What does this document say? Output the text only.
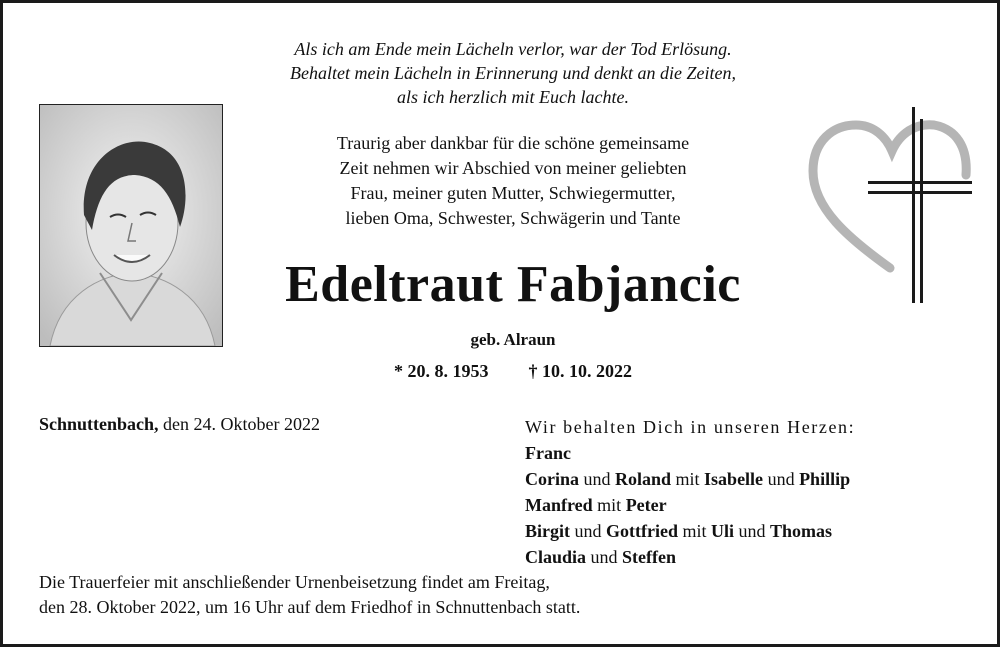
Als ich am Ende mein Lächeln verlor, war der Tod Erlösung.
Behaltet mein Lächeln in Erinnerung und denkt an die Zeiten,
als ich herzlich mit Euch lachte.
Traurig aber dankbar für die schöne gemeinsame
Zeit nehmen wir Abschied von meiner geliebten
Frau, meiner guten Mutter, Schwiegermutter,
lieben Oma, Schwester, Schwägerin und Tante
Edeltraut Fabjancic
geb. Alraun
* 20. 8. 1953 † 10. 10. 2022
Schnuttenbach, den 24. Oktober 2022	Wir behalten Dich in unseren Herzen:
Franc
Corina und Roland mit Isabelle und Phillip
Manfred mit Peter
Birgit und Gottfried mit Uli und Thomas
Claudia und Steffen
Die Trauerfeier mit anschließender Urnenbeisetzung findet am Freitag,
den 28. Oktober 2022, um 16 Uhr auf dem Friedhof in Schnuttenbach statt.
